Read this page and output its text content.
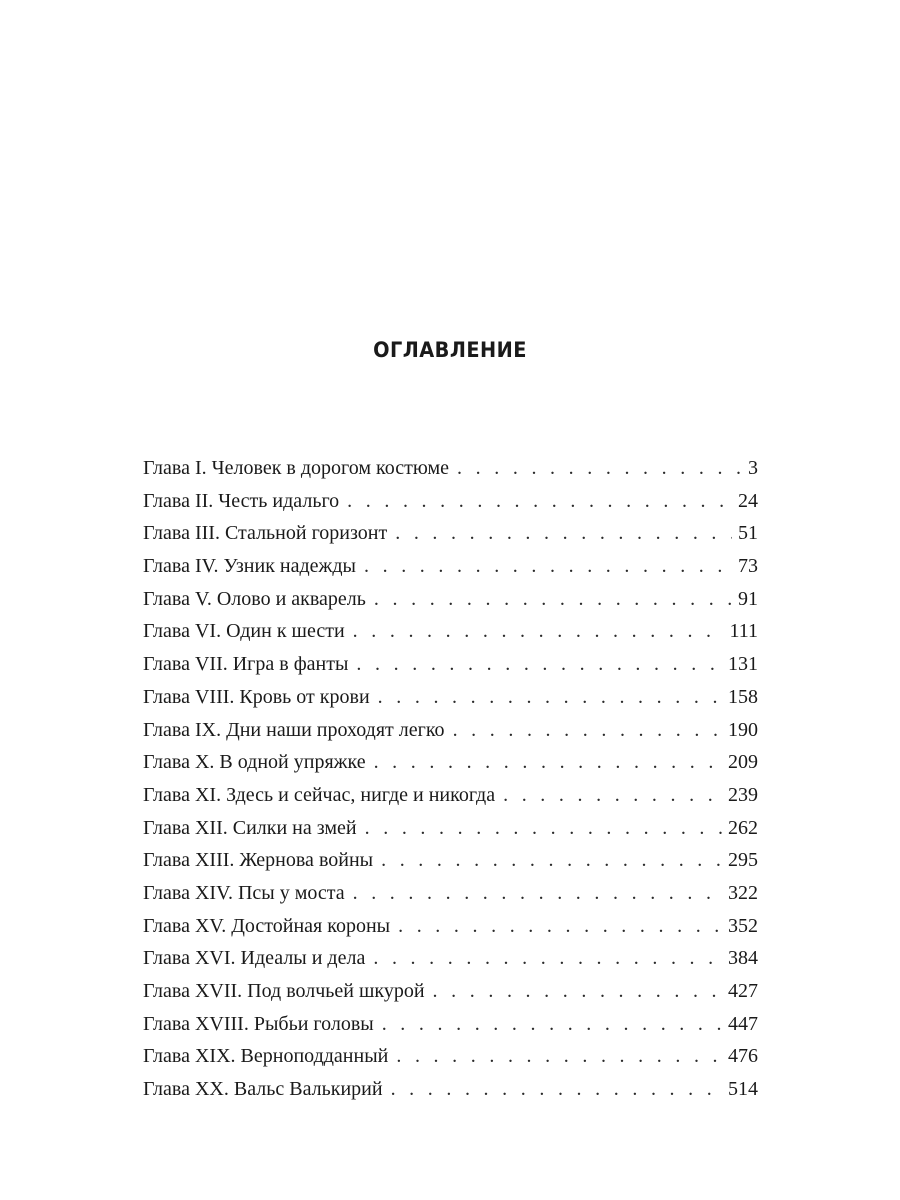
ОГЛАВЛЕНИЕ
Глава I. Человек в дорогом костюме . . .	3
Глава II. Честь идальго . . .	24
Глава III. Стальной горизонт . . .	51
Глава IV. Узник надежды . . .	73
Глава V. Олово и акварель . . .	91
Глава VI. Один к шести . . .	111
Глава VII. Игра в фанты . . .	131
Глава VIII. Кровь от крови . . .	158
Глава IX. Дни наши проходят легко . . .	190
Глава X. В одной упряжке . . .	209
Глава XI. Здесь и сейчас, нигде и никогда . . .	239
Глава XII. Силки на змей . . .	262
Глава XIII. Жернова войны . . .	295
Глава XIV. Псы у моста . . .	322
Глава XV. Достойная короны . . .	352
Глава XVI. Идеалы и дела . . .	384
Глава XVII. Под волчьей шкурой . . .	427
Глава XVIII. Рыбьи головы . . .	447
Глава XIX. Верноподданный . . .	476
Глава XX. Вальс Валькирий . . .	514
